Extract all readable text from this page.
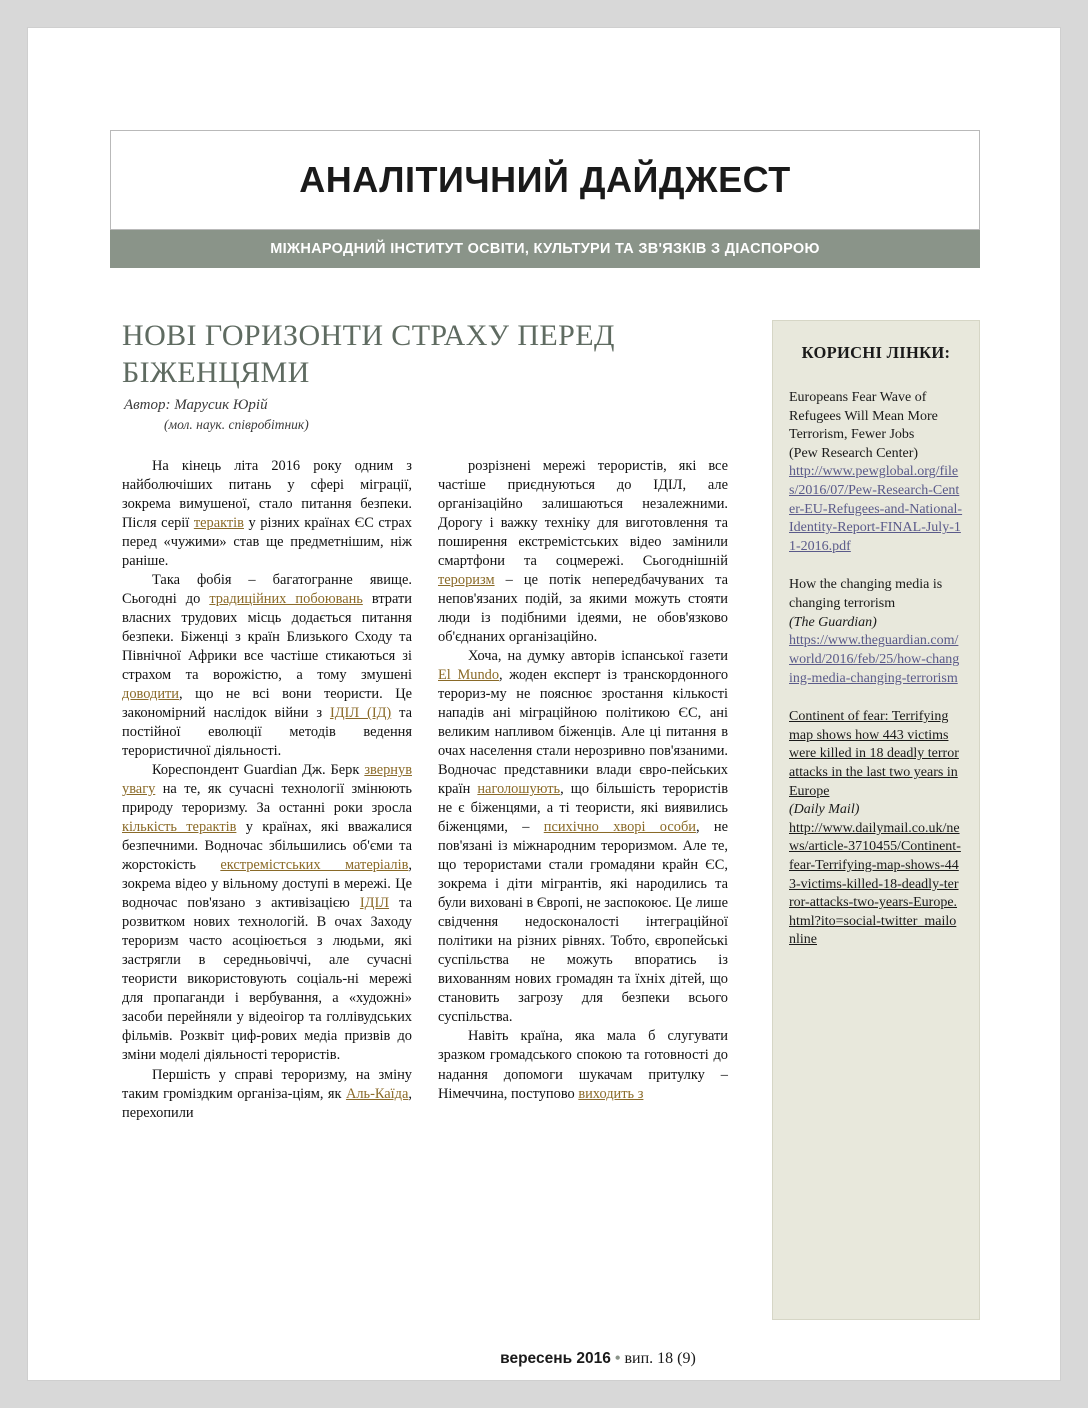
АНАЛІТИЧНИЙ ДАЙДЖЕСТ
МІЖНАРОДНИЙ ІНСТИТУТ ОСВІТИ, КУЛЬТУРИ ТА ЗВ'ЯЗКІВ З ДІАСПОРОЮ
НОВІ ГОРИЗОНТИ СТРАХУ ПЕРЕД БІЖЕНЦЯМИ
Автор: Марусик Юрій
(мол. наук. співробітник)

На кінець літа 2016 року одним з найболючіших питань у сфері міграції, зокрема вимушеної, стало питання безпеки. Після серії терактів у різних країнах ЄС страх перед «чужими» став ще предметнішим, ніж раніше.

Така фобія – багатогранне явище. Сьогодні до традиційних побоювань втрати власних трудових місць додається питання безпеки. Біженці з країн Близького Сходу та Північної Африки все частіше стикаються зі страхом та ворожістю, а тому змушені доводити, що не всі вони теористи. Це закономірний наслідок війни з ІДІЛ (ІД) та постійної еволюції методів ведення терористичної діяльності.

Кореспондент Guardian Дж. Берк звернув увагу на те, як сучасні технології змінюють природу тероризму. За останні роки зросла кількість терактів у країнах, які вважалися безпечними. Водночас збільшились об'єми та жорстокість екстремістських матеріалів, зокрема відео у вільному доступі в мережі. Це водночас пов'язано з активізацією ІДІЛ та розвитком нових технологій. В очах Заходу тероризм часто асоціюється з людьми, які застрягли в середньовіччі, але сучасні теористи використовують соціаль-ні мережі для пропаганди і вербування, а «художні» засоби перейняли у відеоігор та голлівудських фільмів. Розквіт циф-рових медіа призвів до зміни моделі діяльності терористів.

Першість у справі тероризму, на зміну таким громіздким організа-ціям, як Аль-Каїда, перехопили

розрізнені мережі терористів, які все частіше приєднуються до ІДІЛ, але організаційно залишаються незалежними. Дорогу і важку техніку для виготовлення та поширення екстремістських відео замінили смартфони та соцмережі. Сьогоднішній тероризм – це потік непередбачуваних та непов'язаних подій, за якими можуть стояти люди із подібними ідеями, не обов'язково об'єднаних організаційно.

Хоча, на думку авторів іспанської газети El Mundo, жоден експерт із транскордонного терориз-му не пояснює зростання кількості нападів ані міграційною політикою ЄС, ані великим напливом біженців. Але ці питання в очах населення стали нерозривно пов'язаними. Водночас представники влади євро-пейських країн наголошують, що більшість терористів не є біженцями, а ті теористи, які виявились біженцями, – психічно хворі особи, не пов'язані із міжнародним тероризмом. Але те, що терористами стали громадяни крайн ЄС, зокрема і діти мігрантів, які народились та були виховані в Європі, не заспокоює. Це лише свідчення недосконалості інтеграційної політики на різних рівнях. Тобто, європейські суспільства не можуть впоратись із вихованням нових громадян та їхніх дітей, що становить загрозу для безпеки всього суспільства.

Навіть країна, яка мала б слугувати зразком громадського спокою та готовності до надання допомоги шукачам притулку – Німеччина, поступово виходить з

КОРИСНІ ЛІНКИ:
Europeans Fear Wave of Refugees Will Mean More Terrorism, Fewer Jobs
(Pew Research Center)
http://www.pewglobal.org/files/2016/07/Pew-Research-Center-EU-Refugees-and-National-Identity-Report-FINAL-July-11-2016.pdf
How the changing media is changing terrorism
(The Guardian)
https://www.theguardian.com/world/2016/feb/25/how-changing-media-changing-terrorism
Continent of fear: Terrifying map shows how 443 victims were killed in 18 deadly terror attacks in the last two years in Europe
(Daily Mail)
http://www.dailymail.co.uk/news/article-3710455/Continent-fear-Terrifying-map-shows-443-victims-killed-18-deadly-terror-attacks-two-years-Europe.html?ito=social-twitter_mailonline
вересень 2016 • вип. 18 (9)
